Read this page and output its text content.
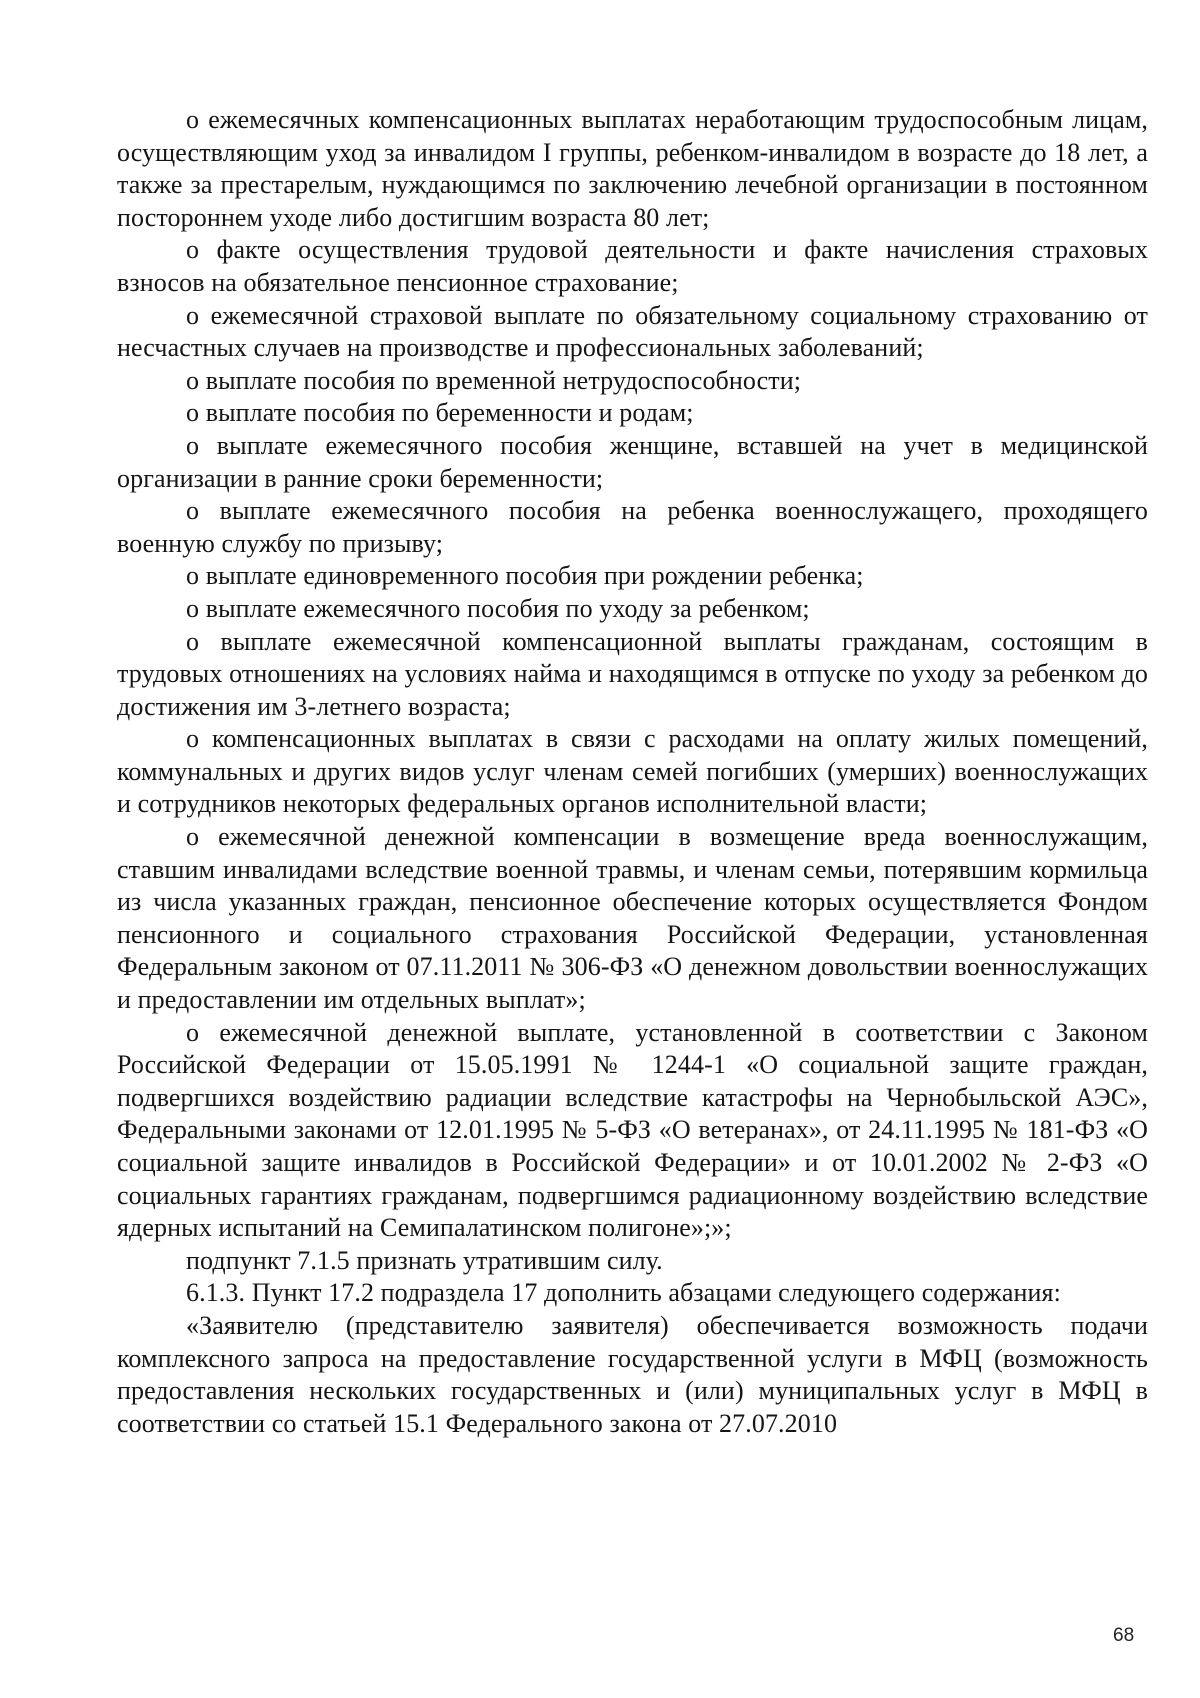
о ежемесячных компенсационных выплатах неработающим трудоспособным лицам, осуществляющим уход за инвалидом I группы, ребенком-инвалидом в возрасте до 18 лет, а также за престарелым, нуждающимся по заключению лечебной организации в постоянном постороннем уходе либо достигшим возраста 80 лет;

о факте осуществления трудовой деятельности и факте начисления страховых взносов на обязательное пенсионное страхование;

о ежемесячной страховой выплате по обязательному социальному страхованию от несчастных случаев на производстве и профессиональных заболеваний;

о выплате пособия по временной нетрудоспособности;

о выплате пособия по беременности и родам;

о выплате ежемесячного пособия женщине, вставшей на учет в медицинской организации в ранние сроки беременности;

о выплате ежемесячного пособия на ребенка военнослужащего, проходящего военную службу по призыву;

о выплате единовременного пособия при рождении ребенка;

о выплате ежемесячного пособия по уходу за ребенком;

о выплате ежемесячной компенсационной выплаты гражданам, состоящим в трудовых отношениях на условиях найма и находящимся в отпуске по уходу за ребенком до достижения им 3-летнего возраста;

о компенсационных выплатах в связи с расходами на оплату жилых помещений, коммунальных и других видов услуг членам семей погибших (умерших) военнослужащих и сотрудников некоторых федеральных органов исполнительной власти;

о ежемесячной денежной компенсации в возмещение вреда военнослужащим, ставшим инвалидами вследствие военной травмы, и членам семьи, потерявшим кормильца из числа указанных граждан, пенсионное обеспечение которых осуществляется Фондом пенсионного и социального страхования Российской Федерации, установленная Федеральным законом от 07.11.2011 № 306-ФЗ «О денежном довольствии военнослужащих и предоставлении им отдельных выплат»;

о ежемесячной денежной выплате, установленной в соответствии с Законом Российской Федерации от 15.05.1991 № 1244-1 «О социальной защите граждан, подвергшихся воздействию радиации вследствие катастрофы на Чернобыльской АЭС», Федеральными законами от 12.01.1995 № 5-ФЗ «О ветеранах», от 24.11.1995 № 181-ФЗ «О социальной защите инвалидов в Российской Федерации» и от 10.01.2002 № 2-ФЗ «О социальных гарантиях гражданам, подвергшимся радиационному воздействию вследствие ядерных испытаний на Семипалатинском полигоне»;»;

подпункт 7.1.5 признать утратившим силу.

6.1.3. Пункт 17.2 подраздела 17 дополнить абзацами следующего содержания:

«Заявителю (представителю заявителя) обеспечивается возможность подачи комплексного запроса на предоставление государственной услуги в МФЦ (возможность предоставления нескольких государственных и (или) муниципальных услуг в МФЦ в соответствии со статьей 15.1 Федерального закона от 27.07.2010

68
